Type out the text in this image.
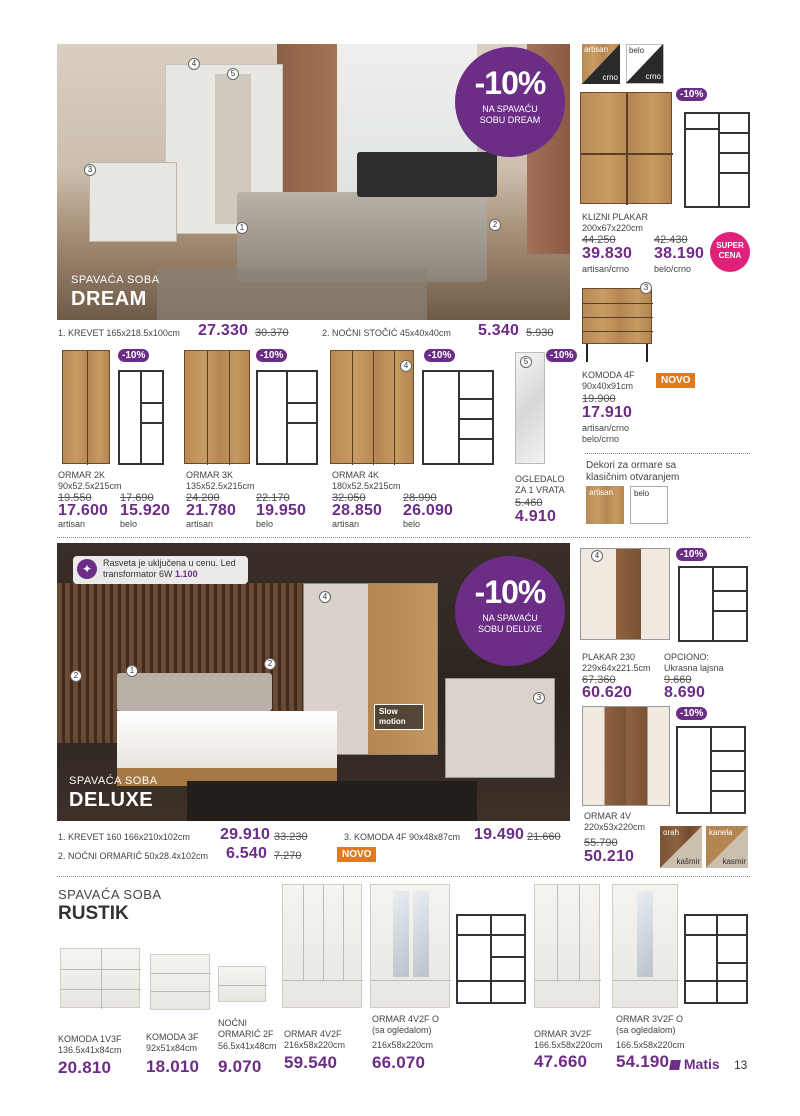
4
5
3
1	2
SPAVAĆA SOBA
DREAM
-10%
NA SPAVAĆU SOBU DREAM
1. KREVET 165x218.5x100cm 27.330 30.370	2. NOĆNI STOČIĆ 45x40x40cm 5.340 5.930
artisan
crno
belo
crno
-10%
KLIZNI PLAKAR
200x67x220cm
44.250
39.830
artisan/crno
42.430
38.190
belo/crno
SUPER CENA
3
KOMODA 4F
90x40x91cm
19.900
17.910
artisan/crno
belo/crno
NOVO
-10%
ORMAR 2K
90x52.5x215cm
19.550
17.600
artisan
17.690
15.920
belo
-10%
ORMAR 3K
135x52.5x215cm
24.200
21.780
artisan
22.170
19.950
belo
4
-10%
ORMAR 4K
180x52.5x215cm
32.050
28.850
artisan
28.990
26.090
belo
5
-10%
OGLEDALO ZA 1 VRATA
5.460
4.910
Dekori za ormare sa klasičnim otvaranjem
artisan	belo
1
2
2
4
3
Slow motion
SPAVAĆA SOBA
DELUXE
✦	Rasveta je uključena u cenu. Led transformator 6W 1.100	-10%
NA SPAVAĆU SOBU DELUXE
1. KREVET 160 166x210x102cm 29.910 33.230
2. NOĆNI ORMARIĆ 50x28.4x102cm 6.540 7.270
3. KOMODA 4F 90x48x87cm 19.490 21.660
NOVO
4	-10%
PLAKAR 230
229x64x221.5cm
67.360
60.620
OPCIONO:
Ukrasna lajsna
9.660
8.690
-10%
ORMAR 4V
220x53x220cm
55.790
50.210
orah
kašmir
kanela
kasmir
SPAVAĆA SOBA
RUSTIK
KOMODA 1V3F
136.5x41x84cm
20.810
KOMODA 3F
92x51x84cm
18.010
NOĆNI ORMARIĆ 2F
56.5x41x48cm
9.070
ORMAR 4V2F
216x58x220cm
59.540
ORMAR 4V2F O (sa ogledalom)
216x58x220cm
66.070
ORMAR 3V2F
166.5x58x220cm
47.660
ORMAR 3V2F O (sa ogledalom)
166.5x58x220cm
54.190	Matis 13
